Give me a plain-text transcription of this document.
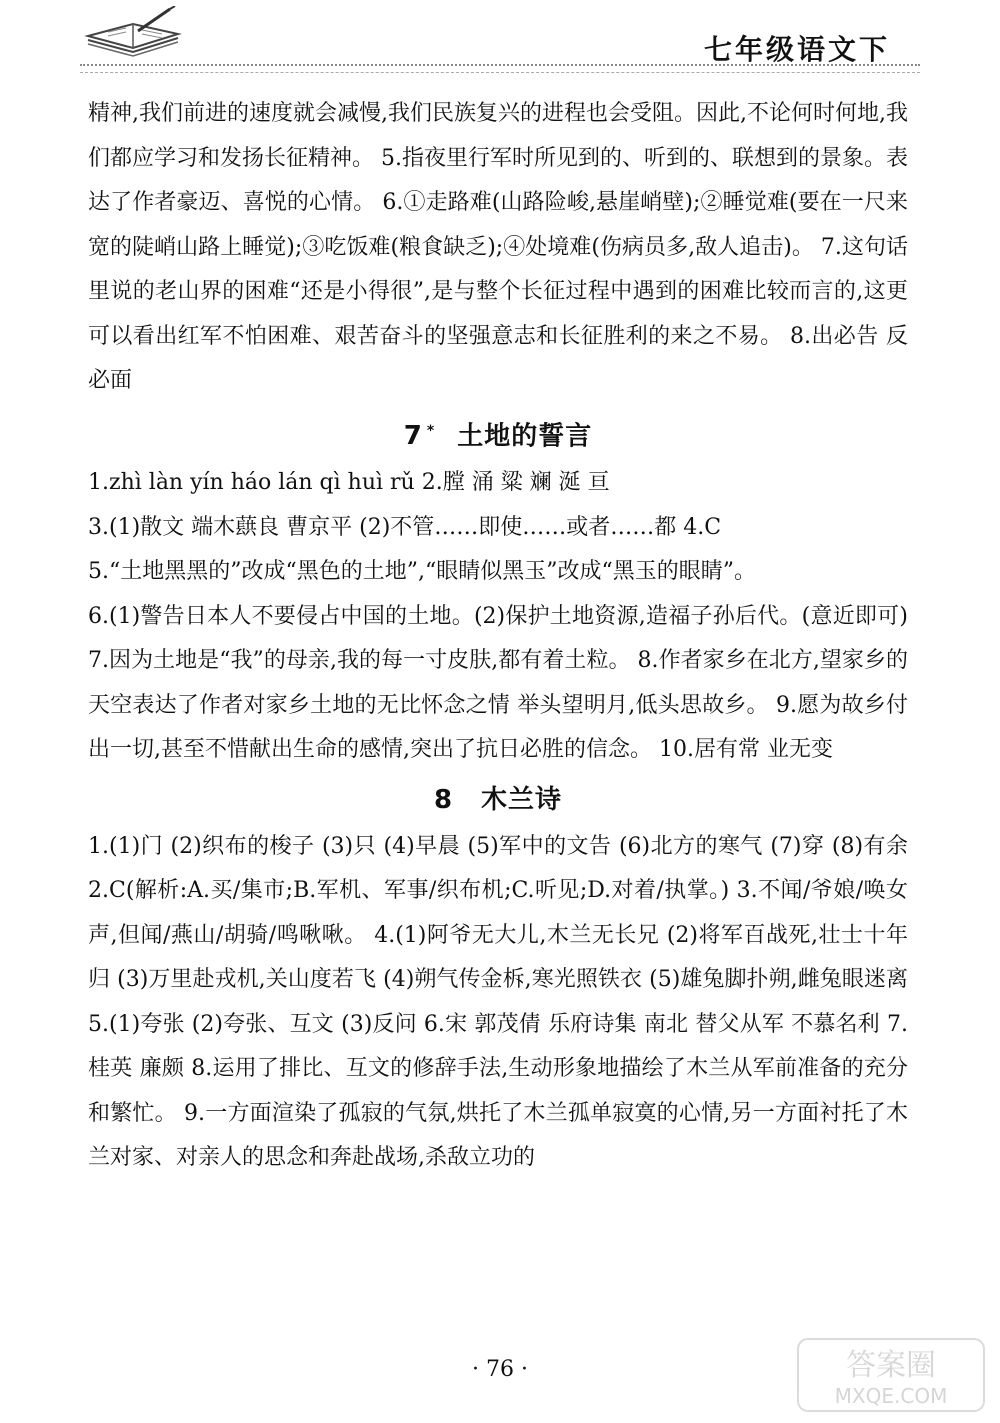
七年级语文下

精神,我们前进的速度就会减慢,我们民族复兴的进程也会受阻。因此,不论何时何地,我们都应学习和发扬长征精神。 5.指夜里行军时所见到的、听到的、联想到的景象。表达了作者豪迈、喜悦的心情。 6.①走路难(山路险峻,悬崖峭壁);②睡觉难(要在一尺来宽的陡峭山路上睡觉);③吃饭难(粮食缺乏);④处境难(伤病员多,敌人追击)。 7.这句话里说的老山界的困难“还是小得很”,是与整个长征过程中遇到的困难比较而言的,这更可以看出红军不怕困难、艰苦奋斗的坚强意志和长征胜利的来之不易。 8.出必告 反必面

7 * 土地的誓言

1.zhì làn yín háo lán qì huì rǔ 2.膛 涌 粱 斓 涎 亘

3.(1)散文 端木蕻良 曹京平 (2)不管……即使……或者……都 4.C

5.“土地黑黑的”改成“黑色的土地”,“眼睛似黑玉”改成“黑玉的眼睛”。

6.(1)警告日本人不要侵占中国的土地。(2)保护土地资源,造福子孙后代。(意近即可) 7.因为土地是“我”的母亲,我的每一寸皮肤,都有着土粒。 8.作者家乡在北方,望家乡的天空表达了作者对家乡土地的无比怀念之情 举头望明月,低头思故乡。 9.愿为故乡付出一切,甚至不惜献出生命的感情,突出了抗日必胜的信念。 10.居有常 业无变

8 木兰诗

1.(1)门 (2)织布的梭子 (3)只 (4)早晨 (5)军中的文告 (6)北方的寒气 (7)穿 (8)有余 2.C(解析:A.买/集市;B.军机、军事/织布机;C.听见;D.对着/执掌。) 3.不闻/爷娘/唤女声,但闻/燕山/胡骑/鸣啾啾。 4.(1)阿爷无大儿,木兰无长兄 (2)将军百战死,壮士十年归 (3)万里赴戎机,关山度若飞 (4)朔气传金柝,寒光照铁衣 (5)雄兔脚扑朔,雌兔眼迷离 5.(1)夸张 (2)夸张、互文 (3)反问 6.宋 郭茂倩 乐府诗集 南北 替父从军 不慕名利 7.桂英 廉颇 8.运用了排比、互文的修辞手法,生动形象地描绘了木兰从军前准备的充分和繁忙。 9.一方面渲染了孤寂的气氛,烘托了木兰孤单寂寞的心情,另一方面衬托了木兰对家、对亲人的思念和奔赴战场,杀敌立功的

· 76 ·	答案圈
MXQE.COM
